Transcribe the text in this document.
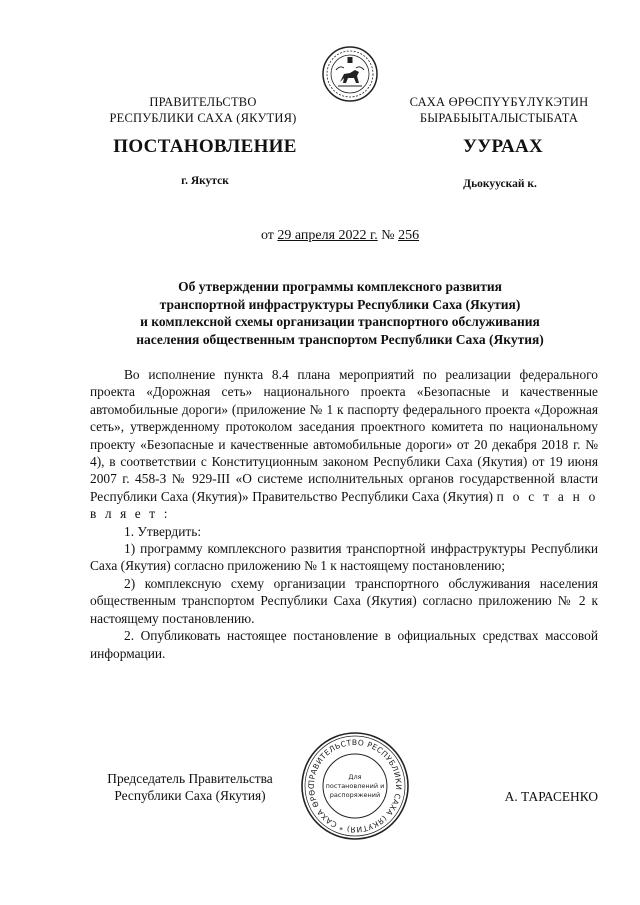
ПРАВИТЕЛЬСТВО
РЕСПУБЛИКИ САХА (ЯКУТИЯ)
САХА ӨРӨСПҮҮБҮЛҮКЭТИН
БЫРАБЫЫТАЛЫСТЫБАТА
ПОСТАНОВЛЕНИЕ	УУРААХ
г. Якутск	Дьокуускай к.
от 29 апреля 2022 г. № 256
Об утверждении программы комплексного развития
транспортной инфраструктуры Республики Саха (Якутия)
и комплексной схемы организации транспортного обслуживания
населения общественным транспортом Республики Саха (Якутия)

Во исполнение пункта 8.4 плана мероприятий по реализации федерального проекта «Дорожная сеть» национального проекта «Безопасные и качественные автомобильные дороги» (приложение № 1 к паспорту федерального проекта «Дорожная сеть», утвержденному протоколом заседания проектного комитета по национальному проекту «Безопасные и качественные автомобильные дороги» от 20 декабря 2018 г. № 4), в соответствии с Конституционным законом Республики Саха (Якутия) от 19 июня 2007 г. 458-З № 929-III «О системе исполнительных органов государственной власти Республики Саха (Якутия)» Правительство Республики Саха (Якутия) п о с т а н о в л я е т :

1. Утвердить:

1) программу комплексного развития транспортной инфраструктуры Республики Саха (Якутия) согласно приложению № 1 к настоящему постановлению;

2) комплексную схему организации транспортного обслуживания населения общественным транспортом Республики Саха (Якутия) согласно приложению № 2 к настоящему постановлению.

2. Опубликовать настоящее постановление в официальных средствах массовой информации.

Председатель Правительства
Республики Саха (Якутия)	А. ТАРАСЕНКО
ПРАВИТЕЛЬСТВО РЕСПУБЛИКИ САХА (ЯКУТИЯ) * САХА ӨРӨС
Для
постановлений и
распоряжений
